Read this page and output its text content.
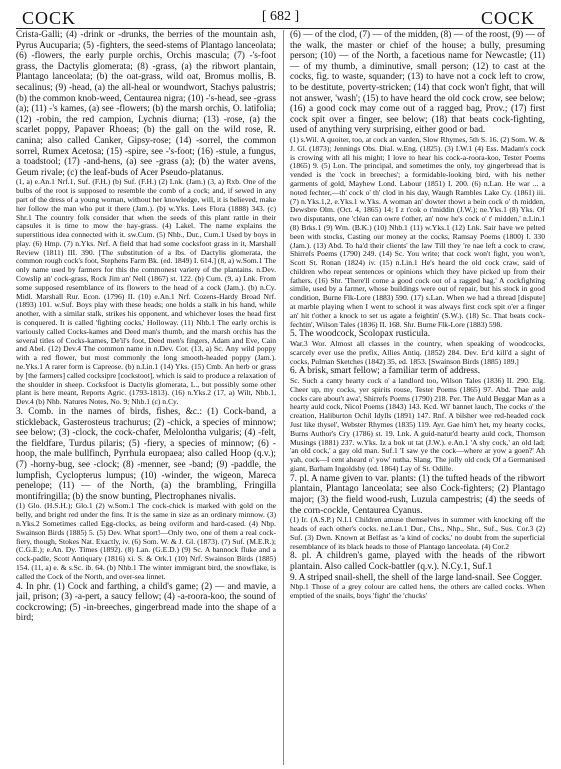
COCK	[ 682 ]	COCK

Crista-Galli; (4) -drink or -drunks, the berries of the mountain ash, Pyrus Aucuparia; (5) -fighters, the seed-stems of Plantago lanceolata; (6) -flowers, the early purple orchis, Orchis mascula; (7) -'s-foot grass, the Dactylis glomerata; (8) -grass, (a) the ribwort plantain, Plantago lanceolata; (b) the oat-grass, wild oat, Bromus mollis, B. secalinus; (9) -head, (a) the all-heal or woundwort, Stachys palustris; (b) the common knob-weed, Centaurea nigra; (10) -'s-head, see -grass (a); (11) -'s kames, (a) see -flowers; (b) the marsh orchis, O. latifolia; (12) -robin, the red campion, Lychnis diurna; (13) -rose, (a) the scarlet poppy, Papaver Rhoeas; (b) the gall on the wild rose, R. canina; also called Canker, Gipsy-rose; (14) -sorrel, the common sorrel, Rumex Acetosa; (15) -spire, see -'s-foot; (16) -stule, a fungus, a toadstool; (17) -and-hens, (a) see -grass (a); (b) the water avens, Geum rivale; (c) the leaf-buds of Acer Pseudo-platanus.

(1, a) e.An.1 Nrf.1, Suf. (F.H.) (b) Suf. (F.H.) (2) Lnk. (Jam.) (3, a) Rxb. One of the bulbs of the root is supposed to resemble the comb of a cock; and, if sewed in any part of the dress of a young woman, without her knowledge, will, it is believed, make her follow the man who put it there (Jam.). (b) w.Yks. Lees Flora (1888) 343. (c) Shr.1 The country folk consider that when the seeds of this plant rattle in their capsules it is time to mow the hay-grass. (4) Lakel. The name explains the superstitious idea connected with it. sw.Cum. (5) Nhb., Dur., Cum.1 Used by boys in play. (6) Hmp. (7) n.Yks. Nrf. A field that had some cocksfoot grass in it, Marshall Review (1811) III. 390. [The substitution of a lbs. of Dactylis glomerata, the common rough cock's foot, Stephens Farm Bk. (ed. 1849) I. 614.] (8, a) w.Som.1 The only name used by farmers for this the commonest variety of the plantains. n.Dev. Cowslip an' cock-grass, Rock Jim an' Nell (1867) st. 122. (b) Cum. (9, a) Lnk. From some supposed resemblance of its flowers to the head of a cock (Jam.). (b) n.Cy. Midl. Marshall Rur. Econ. (1796) II. (10) e.An.1 Nrf. Cozens-Hardy Broad Nrf. (1893) 101. w.Suf. Boys play with these heads; one holds a stalk in his hand, while another, with a similar stalk, strikes his opponent, and whichever loses the head first is conquered. It is called 'fighting cocks,' Holloway. (11) Nhb.1 The early orchis is variously called Cocks-kames and Deed man's thumb, and the marsh orchis has the several titles of Cocks-kames, De'il's foot, Deed men's fingers, Adam and Eve, Cain and Abel. (12) Dev.4 The common name in n.Dev. Cor. (13, a) Sc. Any wild poppy with a red flower, but most commonly the long smooth-headed poppy (Jam.). ne.Yks.1 A rarer form is Capreose. (b) n.Lin.1 (14) Yks. (15) Cmb. An herb or grass by [the farmers] called cocksipre [cockstoot], which is said to produce a relaxation of the shoulder in sheep. Cocksfoot is Dactylis glomerata, L., but possibly some other plant is here meant, Reports Agric. (1793-1813). (16) n.Yks.2 (17, a) Wilt, Nhb.1, Dev.4 (b) Nhb. Natures Notes, No. 9; Nhb.1 (c) n.Cy.

3. Comb. in the names of birds, fishes, &c.: (1) Cock-band, a stickleback, Gasterosteus trachurus; (2) -chick, a species of minnow; see below; (3) -clock, the cock-chafer, Melolontha vulgaris; (4) -felt, the fieldfare, Turdus pilaris; (5) -fiery, a species of minnow; (6) -hoop, the male bullfinch, Pyrrhula europaea; also called Hoop (q.v.); (7) -horny-bug, see -clock; (8) -menner, see -band; (9) -paddle, the lumpfish, Cyclopterus lumpus; (10) -winder, the wigeon, Mareca penelope; (11) — of the North, (a) the brambling, Fringilla montifringilla; (b) the snow bunting, Plectrophanes nivalis.

(1) Glo. (H.S.H.); Glo.1 (2) w.Som.1 The cock-chick is marked with gold on the belly, and bright red under the fins. It is the same in size as an ordinary minnow. (3) n.Yks.2 Sometimes called Egg-clocks, as being oviform and hard-cased. (4) Nbp. Swainson Birds (1885) 5. (5) Dev. What sport!—Only two, one of them a real cock-fiery, though, Stokes Nat. Exactly, iv. (6) Som. W. & J. Gl. (1873). (7) Suf. (M.E.R.); (C.G.E.); e.An. Dy. Times (1892). (8) Lan. (G.E.D.) (9) Sc. A bannock fluke and a cock-padle, Scott Antiquary (1816) xi. S. & Ork.1 (10) Nrf. Swainson Birds (1885) 154. (11, a) e. & s.Sc. ib. 64. (b) Nhb.1 The winter immigrant bird, the snowflake, is called the Cock of the North, and over-sea linnet.

4. In phr. (1) Cock and farthing, a child's game; (2) — and mavie, a jail, prison; (3) -a-pert, a saucy fellow; (4) -a-roora-koo, the sound of cockcrowing; (5) -in-breeches, gingerbread made into the shape of a bird;

(6) — of the clod, (7) — of the midden, (8) — of the roost, (9) — of the walk, the master or chief of the house; a bully, presuming person; (10) — of the North, a facetious name for Newcastle; (11) — of my thumb, a diminutive, small person; (12) to cast at the cocks, fig. to waste, squander; (13) to have not a cock left to crow, to be destitute, poverty-stricken; (14) that cock won't fight, that will not answer, 'wash'; (15) to have heard the old cock crow, see below; (16) a good cock may come out of a ragged bag, Prov.; (17) first cock spit over a finger, see below; (18) that beats cock-fighting, used of anything very surprising, either good or bad.

(1) s.Wil. A quoiter, too, at cock an varden, Slow Rhymes, 5th S. 16. (2) Som. W. & J. Gl. (1873); Jennings Obs. Dial. w.Eng. (1825). (3) I.W.1 (4) Ess. Madam's cock is crowing with all his might; I love to hear his cock-a-roora-koo, Tester Poems (1865) 9. (5) Lon. The principal, and sometimes the only, toy gingerbread that is vended is the 'cock in breeches'; a formidable-looking bird, with his nether garments of gold, Mayhew Lond. Labour (1851) I. 200. (6) n.Lan. He war ... a noted fechter,—th' cock o' th' clod in his day, Waugh Rambles Lake Cy. (1861) iii. (7) n.Yks.1,2, e.Yks.1 w.Yks. A woman an' dowter thowt a bein cock o' th midden, Dewsbre Olm. (Oct. 4, 1865) 14; I z t'cok o t'middin (J.W.); ne.Yks.1 (8) Yks. Of two disputants, one 'cléan can owre t'other, an' now he's cock o' t' midden,' n.Lin.1 (8) Brks.1 (9) Wm. (B.K.) (10) Nhb.1 (11) w.Yks.1 (12) Lnk. Sair have we pelted been with stocks, Casting our money at the cocks, Ramsay Poems (1800) I. 330 (Jam.). (13) Abd. To ha'd their clients' the law Till they 're nae left a cock to craw, Shirrefs Poems (1790) 249. (14) Sc. You write; that cock won't fight, you won't, Scott St. Ronan (1824) iv. (15) n.Lin.1 He's heard the old cock craw, said of children who repeat sentences or opinions which they have picked up from their fathers. (16) Shr. 'There'll come a good cock out of a ragged bag.' A cockfighting simile, used by a farmer, whose buildings were out of repair, but his stock in good condition, Burne Flk-Lore (1883) 590. (17) s.Lan. When we had a thread [dispute] at marble playing when I went to school it was always first cock spit o'er a finger an' hit t'other a knock to set us agate a feightin' (S.W.). (18) Sc. That beats cock-fechtin', Wilson Tales (1836) II. 168. Shr. Burne Flk-Lore (1883) 598.

5. The woodcock, Scolopax rusticula.

War.3 Wor. Almost all classes in the country, when speaking of woodcocks, scarcely ever use the prefix, Allies Antiq. (1852) 284. Dev. Er'd kill'd a sight of cocks, Pulman Sketches (1842) 35, ed. 1853. [Swainson Birds (1885) 189.]

6. A brisk, smart fellow; a familiar term of address.

Sc. Such a canty hearty cock o' a landlord too, Wilson Tales (1836) II. 290. Elg. Cheer up, my cocks, yer spirits rouse, Tester Poems (1865) 97. Abd. Thae auld cocks care about't awa', Shirrefs Poems (1790) 218. Per. The Auld Beggar Man as a hearty auld cock, Nicol Poems (1843) 143. Kcd. Wi' bannet lauch, The cocks o' the creation, Haliburton Ochil Idylls (1891) 147. Rnf. A bilsher wee red-headed cock Just like thysel', Webster Rhymes (1835) 119. Ayr. Gae him't het, my hearty cocks, Burns Author's Cry (1786) st. 19. Lnk. A guid-natur'd hearty auld cock, Thomson Musings (1881) 237. w.Yks. Iz a bok ut tat (J.W.). e.An.1 'A shy cock,' an old lad; 'an old cock,' a gay old man. Suf.1 'I saw ye the cock—where ar yow a goen?' Ah yah, cock—I cent aheard o' yow' nutha. Slang. The jolly old cock Of a Germanised giant, Barham Ingoldsby (ed. 1864) Lay of St. Odille.

7. pl. A name given to var. plants: (1) the tufted heads of the ribwort plantain, Plantago lanceolata; see also Cock-fighters; (2) Plantago major; (3) the field wood-rush, Luzula campestris; (4) the seeds of the corn-cockle, Centaurea Cyanus.

(1) Ir. (A.S.P.) N.I.1 Children amuse themselves in summer with knocking off the heads of each other's cocks. ne.Lan.1 Dur., Chs., Nhp., Shr., Suf., Sus. Cor.3 (2) Suf. (3) Dwn. Known at Belfast as 'a kind of cocks,' no doubt from the superficial resemblance of its black heads to those of Plantago lanceolata. (4) Cor.2

8. pl. A children's game, played with the heads of the ribwort plantain. Also called Cock-battler (q.v.). N.Cy.1, Suf.1

9. A striped snail-shell, the shell of the large land-snail. See Cogger.

Nbp.1 Those of a grey colour are called hens, the others are called cocks. When emptied of the snails, boys 'fight' the 'chucks'
